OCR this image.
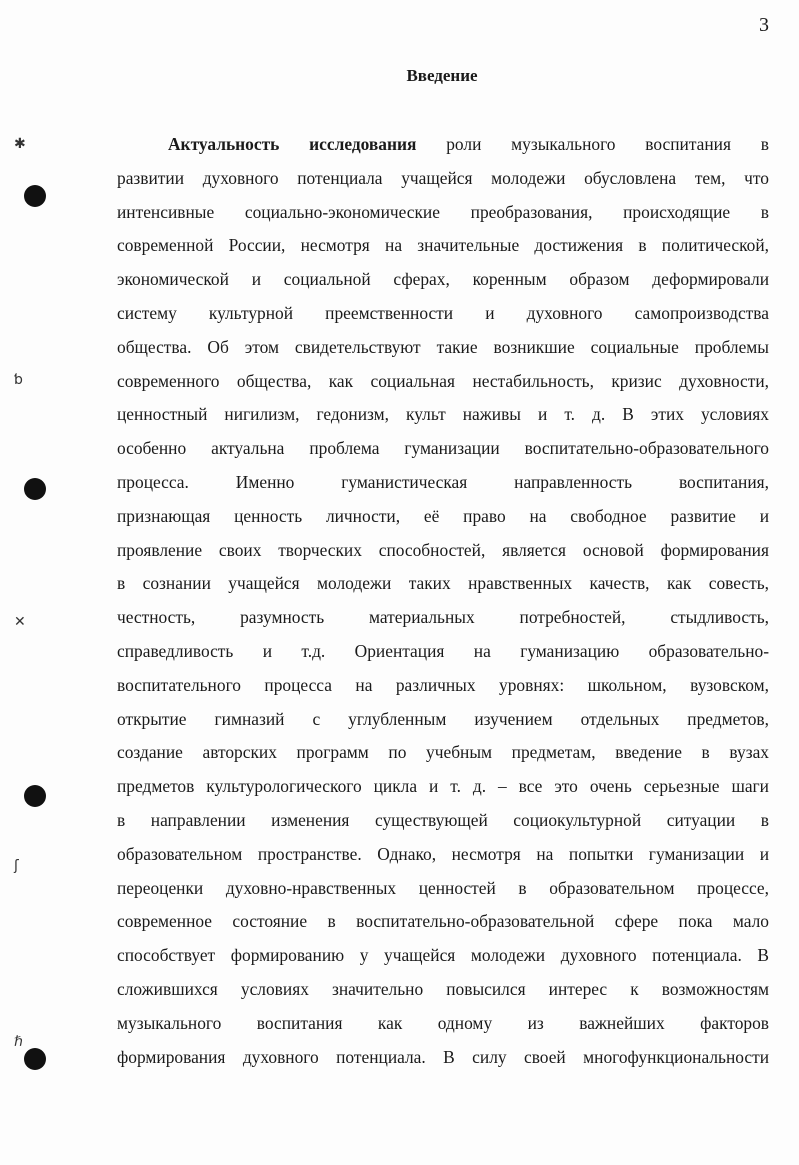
3
Введение
✱
ƅ
✕
ʃ
ℏ
Актуальность исследования роли музыкального воспитания в
развитии духовного потенциала учащейся молодежи обусловлена тем, что
интенсивные социально-экономические преобразования, происходящие в
современной России, несмотря на значительные достижения в политической,
экономической и социальной сферах, коренным образом деформировали
систему культурной преемственности и духовного самопроизводства
общества. Об этом свидетельствуют такие возникшие социальные проблемы
современного общества, как социальная нестабильность, кризис духовности,
ценностный нигилизм, гедонизм, культ наживы и т. д. В этих условиях
особенно актуальна проблема гуманизации воспитательно-образовательного
процесса. Именно гуманистическая направленность воспитания,
признающая ценность личности, её право на свободное развитие и
проявление своих творческих способностей, является основой формирования
в сознании учащейся молодежи таких нравственных качеств, как совесть,
честность, разумность материальных потребностей, стыдливость,
справедливость и т.д. Ориентация на гуманизацию образовательно-
воспитательного процесса на различных уровнях: школьном, вузовском,
открытие гимназий с углубленным изучением отдельных предметов,
создание авторских программ по учебным предметам, введение в вузах
предметов культурологического цикла и т. д. – все это очень серьезные шаги
в направлении изменения существующей социокультурной ситуации в
образовательном пространстве. Однако, несмотря на попытки гуманизации и
переоценки духовно-нравственных ценностей в образовательном процессе,
современное состояние в воспитательно-образовательной сфере пока мало
способствует формированию у учащейся молодежи духовного потенциала. В
сложившихся условиях значительно повысился интерес к возможностям
музыкального воспитания как одному из важнейших факторов
формирования духовного потенциала. В силу своей многофункциональности
